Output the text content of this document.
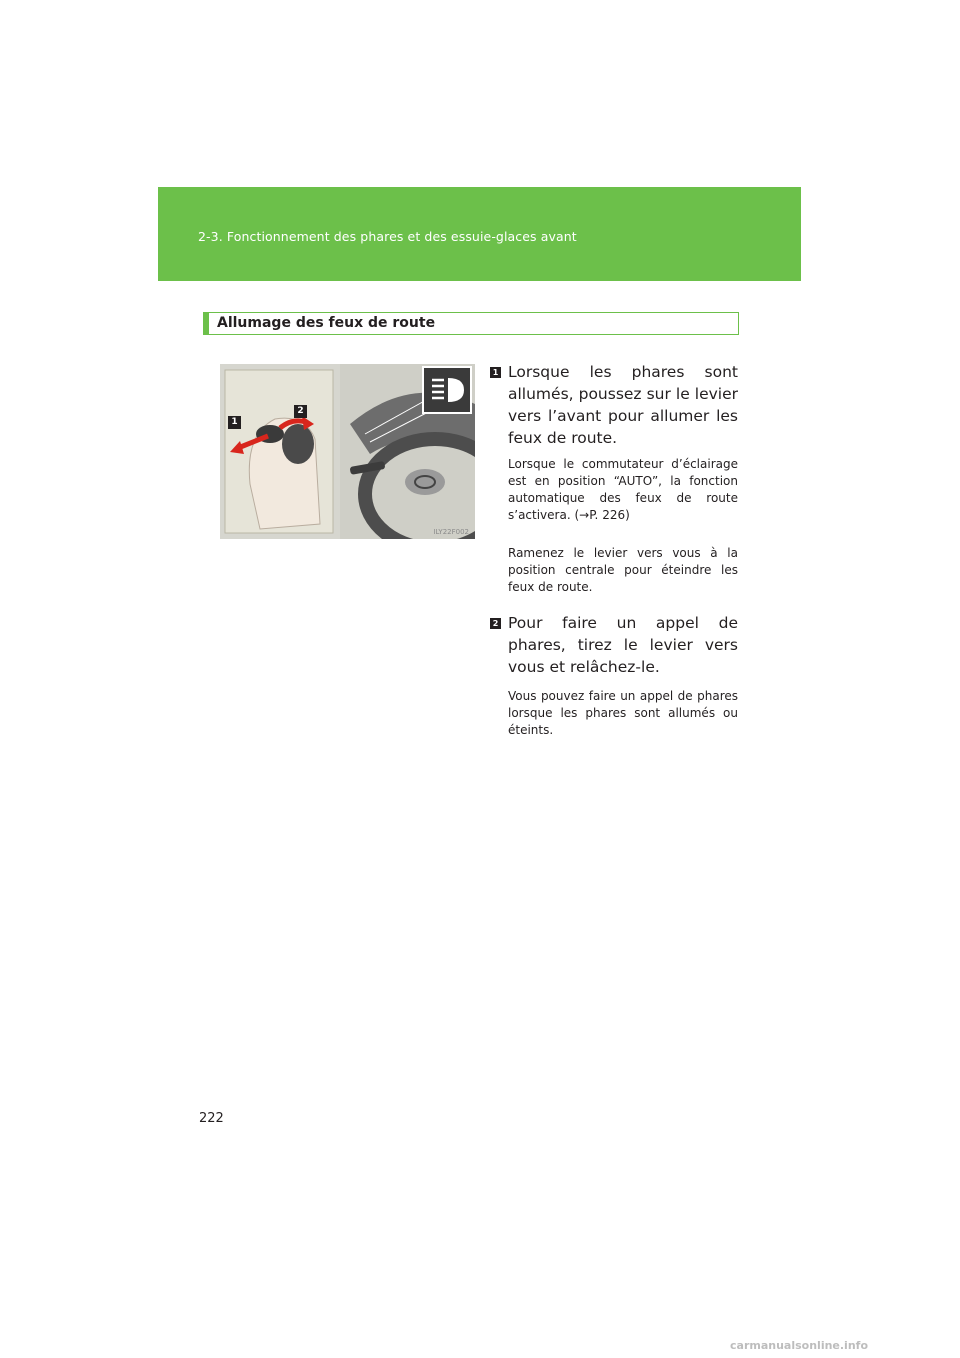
2-3. Fonctionnement des phares et des essuie-glaces avant
Allumage des feux de route
1
2
ILY22F002
1 Lorsque les phares sont allumés, poussez sur le levier vers l’avant pour allumer les feux de route.
Lorsque le commutateur d’éclairage est en position “AUTO”, la fonction automatique des feux de route s’activera. (→P. 226)
Ramenez le levier vers vous à la position centrale pour éteindre les feux de route.
2 Pour faire un appel de phares, tirez le levier vers vous et relâchez-le.
Vous pouvez faire un appel de phares lorsque les phares sont allumés ou éteints.
222
carmanualsonline.info
